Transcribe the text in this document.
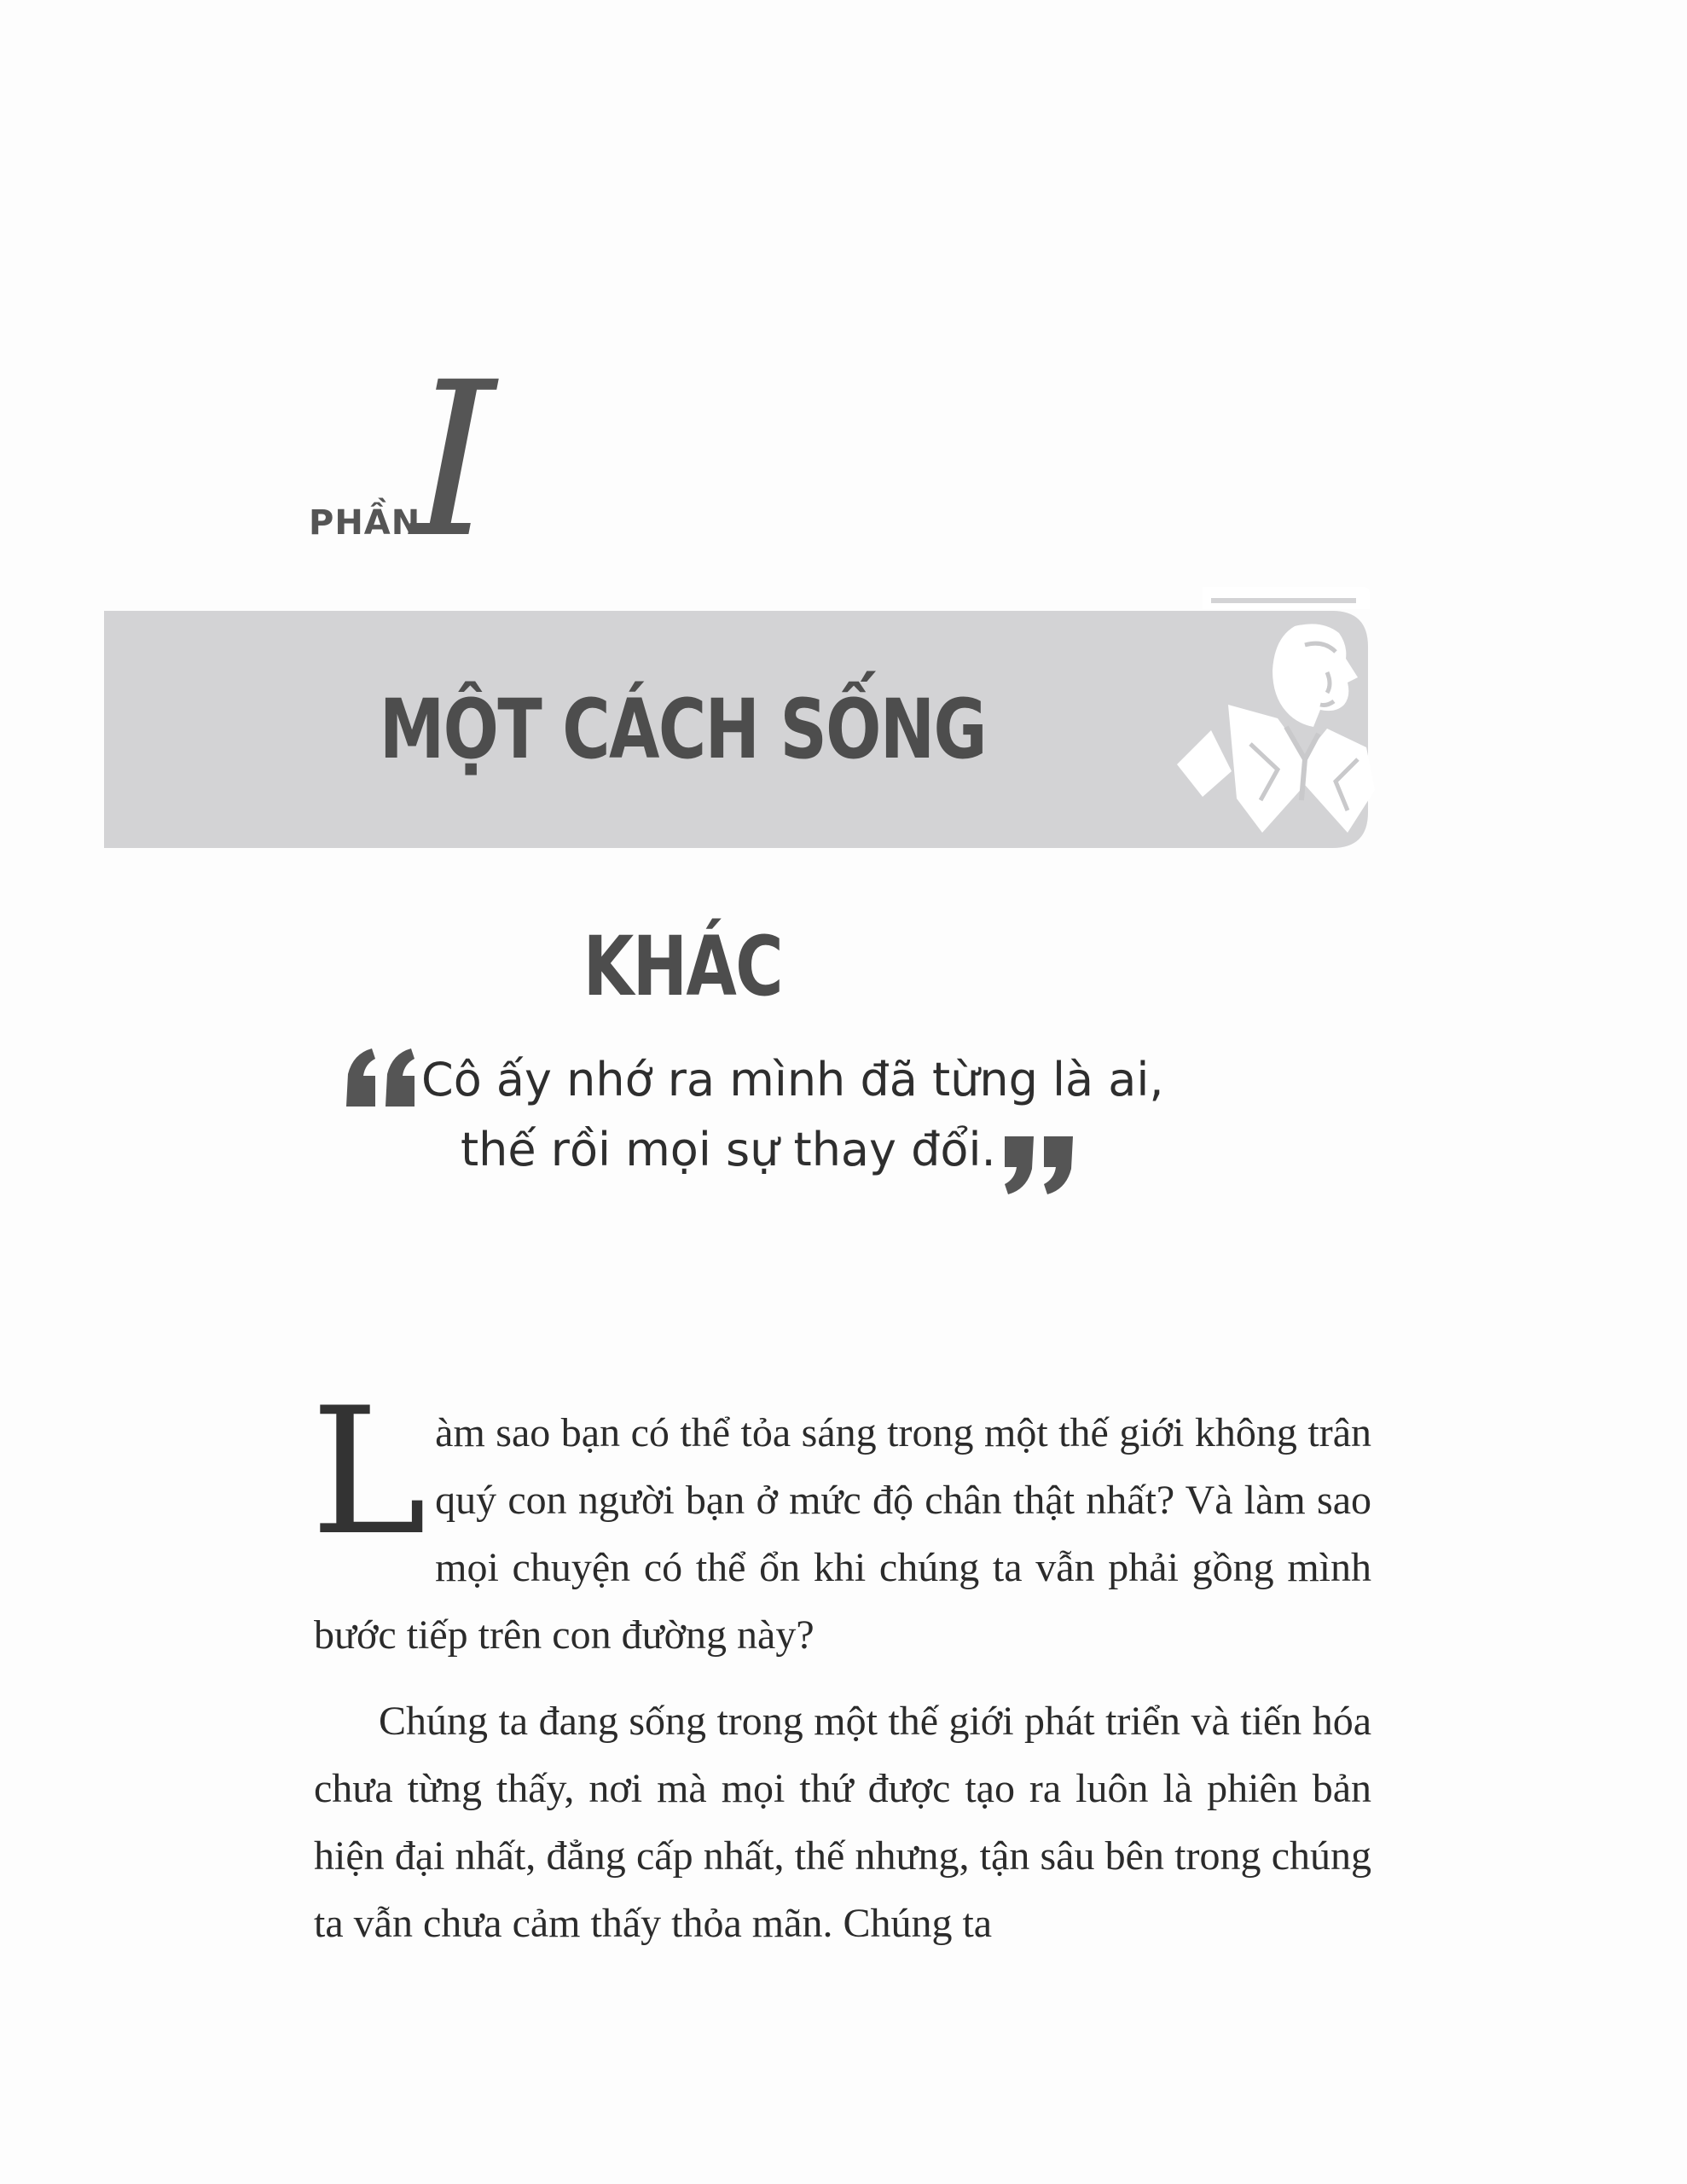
PHẦN
I
MỘT CÁCH SỐNG KHÁC
Cô ấy nhớ ra mình đã từng là ai,
thế rồi mọi sự thay đổi.

Làm sao bạn có thể tỏa sáng trong một thế giới không trân quý con người bạn ở mức độ chân thật nhất? Và làm sao mọi chuyện có thể ổn khi chúng ta vẫn phải gồng mình bước tiếp trên con đường này?

Chúng ta đang sống trong một thế giới phát triển và tiến hóa chưa từng thấy, nơi mà mọi thứ được tạo ra luôn là phiên bản hiện đại nhất, đẳng cấp nhất, thế nhưng, tận sâu bên trong chúng ta vẫn chưa cảm thấy thỏa mãn. Chúng ta
